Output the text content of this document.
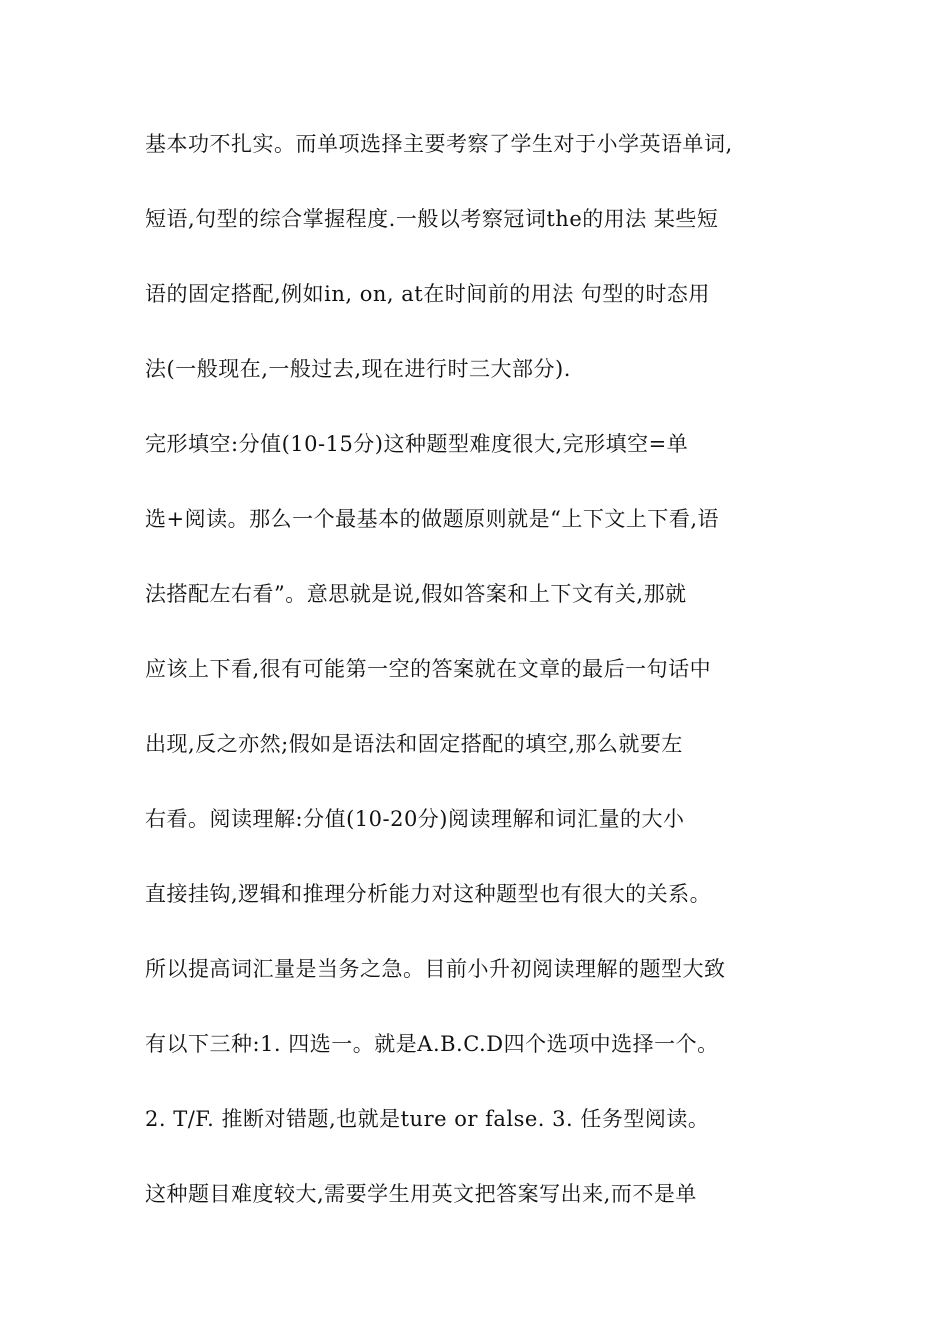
基本功不扎实。而单项选择主要考察了学生对于小学英语单词,
短语,句型的综合掌握程度.一般以考察冠词the的用法 某些短
语的固定搭配,例如in, on, at在时间前的用法 句型的时态用
法(一般现在,一般过去,现在进行时三大部分).
完形填空:分值(10-15分)这种题型难度很大,完形填空=单
选+阅读。那么一个最基本的做题原则就是“上下文上下看,语
法搭配左右看”。意思就是说,假如答案和上下文有关,那就
应该上下看,很有可能第一空的答案就在文章的最后一句话中
出现,反之亦然;假如是语法和固定搭配的填空,那么就要左
右看。阅读理解:分值(10-20分)阅读理解和词汇量的大小
直接挂钩,逻辑和推理分析能力对这种题型也有很大的关系。
所以提高词汇量是当务之急。目前小升初阅读理解的题型大致
有以下三种:1. 四选一。就是A.B.C.D四个选项中选择一个。
2. T/F. 推断对错题,也就是ture or false. 3. 任务型阅读。
这种题目难度较大,需要学生用英文把答案写出来,而不是单
